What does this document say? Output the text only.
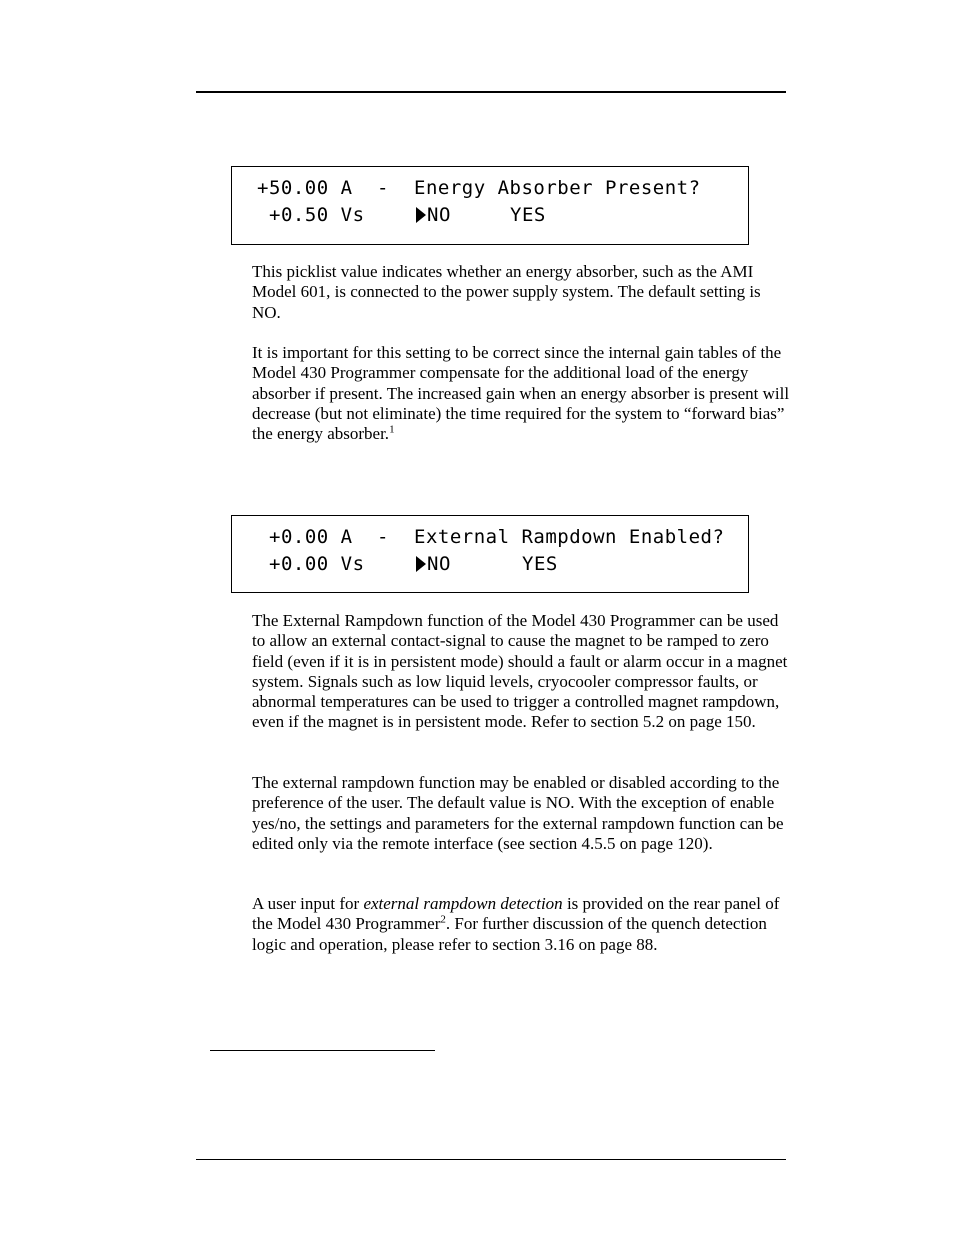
+50.00 A - Energy Absorber Present?
+0.50 Vs	NO	YES

This picklist value indicates whether an energy absorber, such as the AMI Model 601, is connected to the power supply system. The default setting is NO.

It is important for this setting to be correct since the internal gain tables of the Model 430 Programmer compensate for the additional load of the energy absorber if present. The increased gain when an energy absorber is present will decrease (but not eliminate) the time required for the system to “forward bias” the energy absorber.$^1$

+0.00 A - External Rampdown Enabled?
+0.00 Vs	NO	YES

The External Rampdown function of the Model 430 Programmer can be used to allow an external contact-signal to cause the magnet to be ramped to zero field (even if it is in persistent mode) should a fault or alarm occur in a magnet system. Signals such as low liquid levels, cryocooler compressor faults, or abnormal temperatures can be used to trigger a controlled magnet rampdown, even if the magnet is in persistent mode. Refer to section 5.2 on page 150.

The external rampdown function may be enabled or disabled according to the preference of the user. The default value is NO. With the exception of enable yes/no, the settings and parameters for the external rampdown function can be edited only via the remote interface (see section 4.5.5 on page 120).

A user input for external rampdown detection is provided on the rear panel of the Model 430 Programmer$^2$. For further discussion of the quench detection logic and operation, please refer to section 3.16 on page 88.
